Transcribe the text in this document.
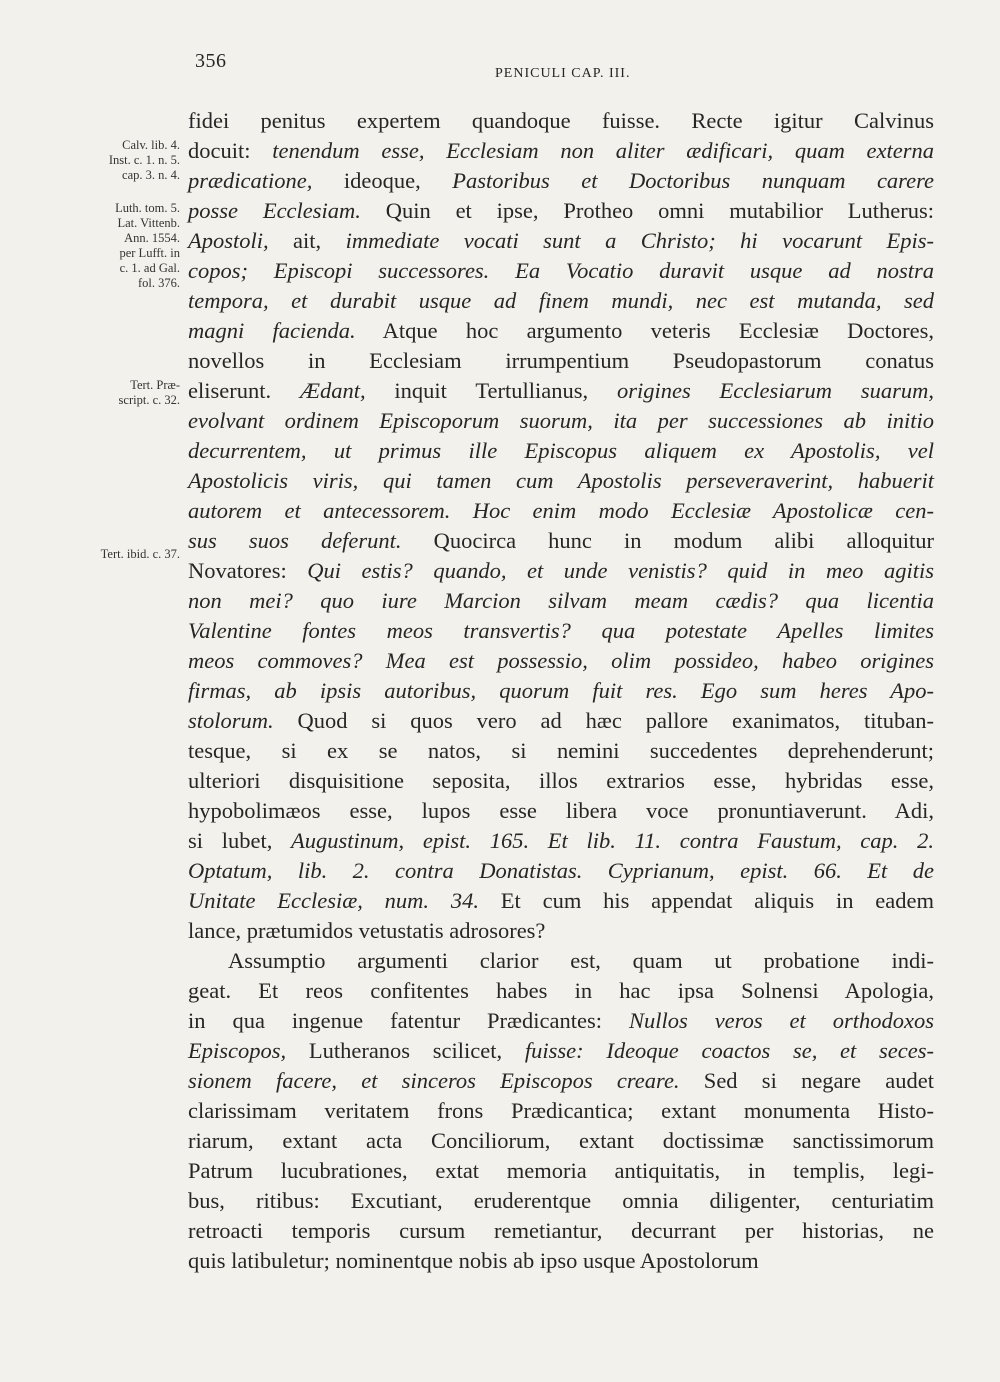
356
PENICULI CAP. III.
Calv. lib. 4.
Inst. c. 1. n. 5.
cap. 3. n. 4.
Luth. tom. 5.
Lat. Vittenb.
Ann. 1554.
per Lufft. in
c. 1. ad Gal.
fol. 376.
Tert. Præ-
script. c. 32.
Tert. ibid. c. 37.
fidei penitus expertem quandoque fuisse. Recte igitur Calvinus
docuit: tenendum esse, Ecclesiam non aliter ædificari, quam externa
prædicatione, ideoque, Pastoribus et Doctoribus nunquam carere
posse Ecclesiam. Quin et ipse, Protheo omni mutabilior Lutherus:
Apostoli, ait, immediate vocati sunt a Christo; hi vocarunt Epis-
copos; Episcopi successores. Ea Vocatio duravit usque ad nostra
tempora, et durabit usque ad finem mundi, nec est mutanda, sed
magni facienda. Atque hoc argumento veteris Ecclesiæ Doctores,
novellos in Ecclesiam irrumpentium Pseudopastorum conatus
eliserunt. Ædant, inquit Tertullianus, origines Ecclesiarum suarum,
evolvant ordinem Episcoporum suorum, ita per successiones ab initio
decurrentem, ut primus ille Episcopus aliquem ex Apostolis, vel
Apostolicis viris, qui tamen cum Apostolis perseveraverint, habuerit
autorem et antecessorem. Hoc enim modo Ecclesiæ Apostolicæ cen-
sus suos deferunt. Quocirca hunc in modum alibi alloquitur
Novatores: Qui estis? quando, et unde venistis? quid in meo agitis
non mei? quo iure Marcion silvam meam cædis? qua licentia
Valentine fontes meos transvertis? qua potestate Apelles limites
meos commoves? Mea est possessio, olim possideo, habeo origines
firmas, ab ipsis autoribus, quorum fuit res. Ego sum heres Apo-
stolorum. Quod si quos vero ad hæc pallore exanimatos, tituban-
tesque, si ex se natos, si nemini succedentes deprehenderunt;
ulteriori disquisitione seposita, illos extrarios esse, hybridas esse,
hypobolimæos esse, lupos esse libera voce pronuntiaverunt. Adi,
si lubet, Augustinum, epist. 165. Et lib. 11. contra Faustum, cap. 2.
Optatum, lib. 2. contra Donatistas. Cyprianum, epist. 66. Et de
Unitate Ecclesiæ, num. 34. Et cum his appendat aliquis in eadem
lance, prætumidos vetustatis adrosores?
Assumptio argumenti clarior est, quam ut probatione indi-
geat. Et reos confitentes habes in hac ipsa Solnensi Apologia,
in qua ingenue fatentur Prædicantes: Nullos veros et orthodoxos
Episcopos, Lutheranos scilicet, fuisse: Ideoque coactos se, et seces-
sionem facere, et sinceros Episcopos creare. Sed si negare audet
clarissimam veritatem frons Prædicantica; extant monumenta Histo-
riarum, extant acta Conciliorum, extant doctissimæ sanctissimorum
Patrum lucubrationes, extat memoria antiquitatis, in templis, legi-
bus, ritibus: Excutiant, eruderentque omnia diligenter, centuriatim
retroacti temporis cursum remetiantur, decurrant per historias, ne
quis latibuletur; nominentque nobis ab ipso usque Apostolorum
